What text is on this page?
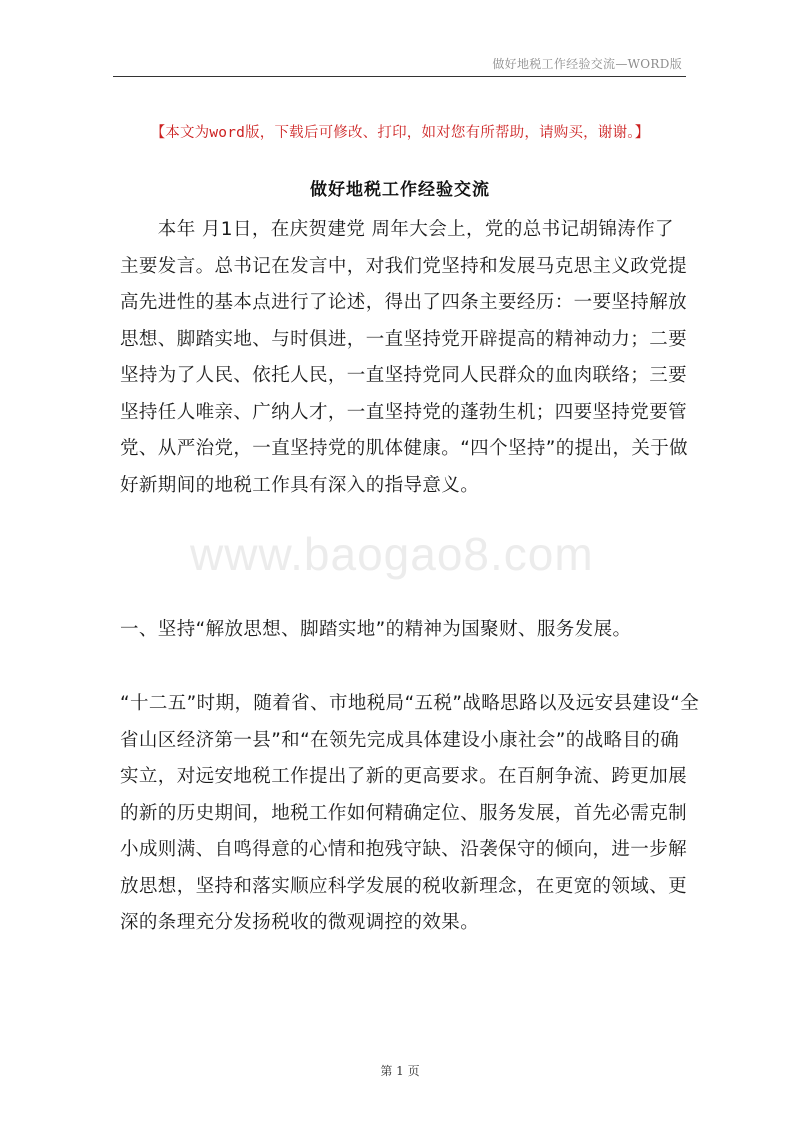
做好地税工作经验交流—WORD版
www.baogao8.com
【本文为word版，下载后可修改、打印，如对您有所帮助，请购买，谢谢。】
做好地税工作经验交流
　　本年 月1日，在庆贺建党 周年大会上，党的总书记胡锦涛作了
主要发言。总书记在发言中，对我们党坚持和发展马克思主义政党提
高先进性的基本点进行了论述，得出了四条主要经历：一要坚持解放
思想、脚踏实地、与时俱进，一直坚持党开辟提高的精神动力；二要
坚持为了人民、依托人民，一直坚持党同人民群众的血肉联络；三要
坚持任人唯亲、广纳人才，一直坚持党的蓬勃生机；四要坚持党要管
党、从严治党，一直坚持党的肌体健康。“四个坚持”的提出，关于做
好新期间的地税工作具有深入的指导意义。
一、坚持“解放思想、脚踏实地”的精神为国聚财、服务发展。
“十二五”时期，随着省、市地税局“五税”战略思路以及远安县建设“全
省山区经济第一县”和“在领先完成具体建设小康社会”的战略目的确
实立，对远安地税工作提出了新的更高要求。在百舸争流、跨更加展
的新的历史期间，地税工作如何精确定位、服务发展，首先必需克制
小成则满、自鸣得意的心情和抱残守缺、沿袭保守的倾向，进一步解
放思想，坚持和落实顺应科学发展的税收新理念，在更宽的领域、更
深的条理充分发扬税收的微观调控的效果。
第 1 页
